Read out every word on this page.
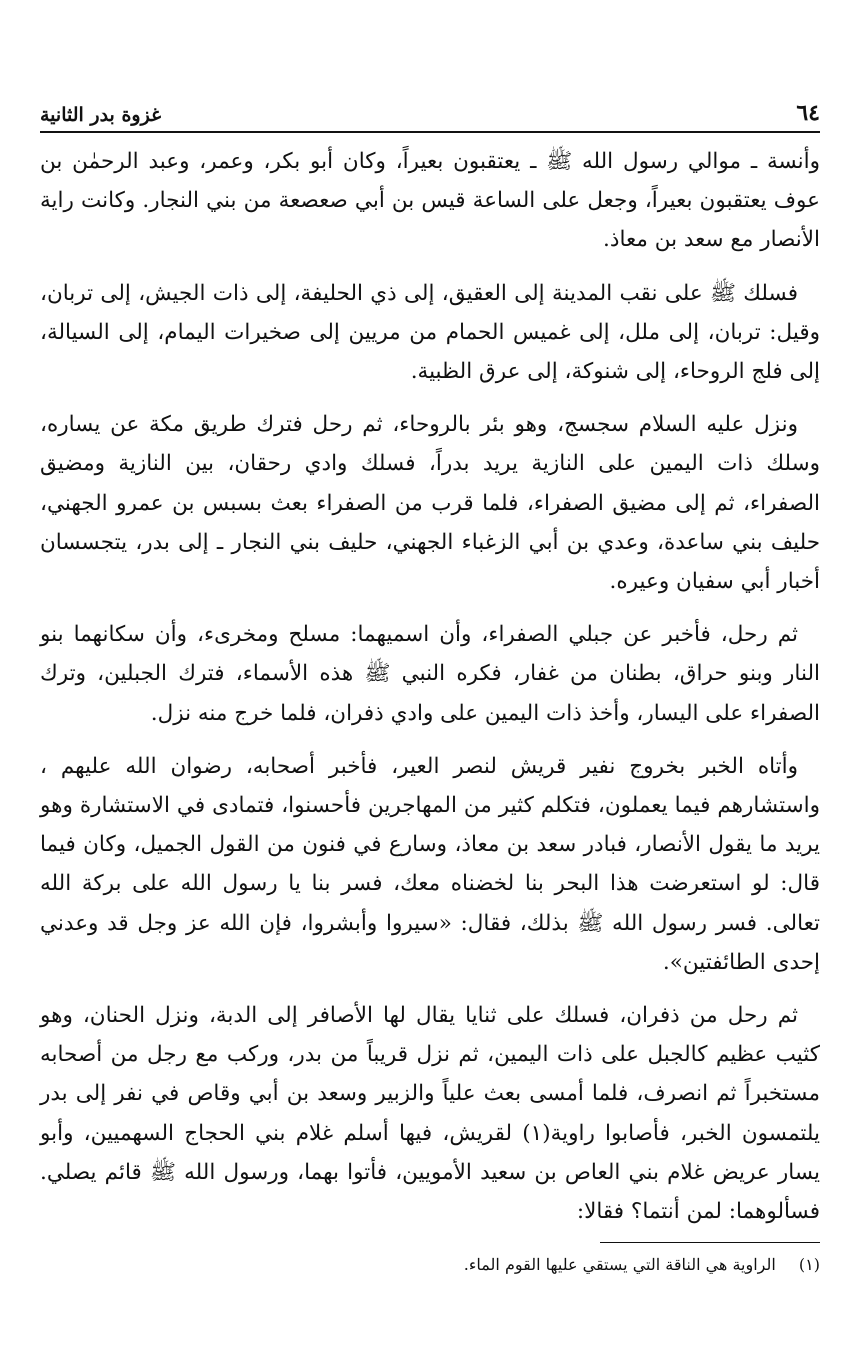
٦٤
غزوة بدر الثانية

وأنسة ـ موالي رسول الله ﷺ ـ يعتقبون بعيراً، وكان أبو بكر، وعمر، وعبد الرحمٰن بن عوف يعتقبون بعيراً، وجعل على الساعة قيس بن أبي صعصعة من بني النجار. وكانت راية الأنصار مع سعد بن معاذ.

فسلك ﷺ على نقب المدينة إلى العقيق، إلى ذي الحليفة، إلى ذات الجيش، إلى تربان، وقيل: تربان، إلى ملل، إلى غميس الحمام من مريين إلى صخيرات اليمام، إلى السيالة، إلى فلج الروحاء، إلى شنوكة، إلى عرق الظبية.

ونزل عليه السلام سجسج، وهو بئر بالروحاء، ثم رحل فترك طريق مكة عن يساره، وسلك ذات اليمين على النازية يريد بدراً، فسلك وادي رحقان، بين النازية ومضيق الصفراء، ثم إلى مضيق الصفراء، فلما قرب من الصفراء بعث بسبس بن عمرو الجهني، حليف بني ساعدة، وعدي بن أبي الزغباء الجهني، حليف بني النجار ـ إلى بدر، يتجسسان أخبار أبي سفيان وعيره.

ثم رحل، فأخبر عن جبلي الصفراء، وأن اسميهما: مسلح ومخرىء، وأن سكانهما بنو النار وبنو حراق، بطنان من غفار، فكره النبي ﷺ هذه الأسماء، فترك الجبلين، وترك الصفراء على اليسار، وأخذ ذات اليمين على وادي ذفران، فلما خرج منه نزل.

وأتاه الخبر بخروج نفير قريش لنصر العير، فأخبر أصحابه، رضوان الله عليهم ، واستشارهم فيما يعملون، فتكلم كثير من المهاجرين فأحسنوا، فتمادى في الاستشارة وهو يريد ما يقول الأنصار، فبادر سعد بن معاذ، وسارع في فنون من القول الجميل، وكان فيما قال: لو استعرضت هذا البحر بنا لخضناه معك، فسر بنا يا رسول الله على بركة الله تعالى. فسر رسول الله ﷺ بذلك، فقال: «سيروا وأبشروا، فإن الله عز وجل قد وعدني إحدى الطائفتين».

ثم رحل من ذفران، فسلك على ثنايا يقال لها الأصافر إلى الدبة، ونزل الحنان، وهو كثيب عظيم كالجبل على ذات اليمين، ثم نزل قريباً من بدر، وركب مع رجل من أصحابه مستخبراً ثم انصرف، فلما أمسى بعث علياً والزبير وسعد بن أبي وقاص في نفر إلى بدر يلتمسون الخبر، فأصابوا راوية(١) لقريش، فيها أسلم غلام بني الحجاج السهميين، وأبو يسار عريض غلام بني العاص بن سعيد الأمويين، فأتوا بهما، ورسول الله ﷺ قائم يصلي. فسألوهما: لمن أنتما؟ فقالا:

(١) الراوية هي الناقة التي يستقي عليها القوم الماء.
